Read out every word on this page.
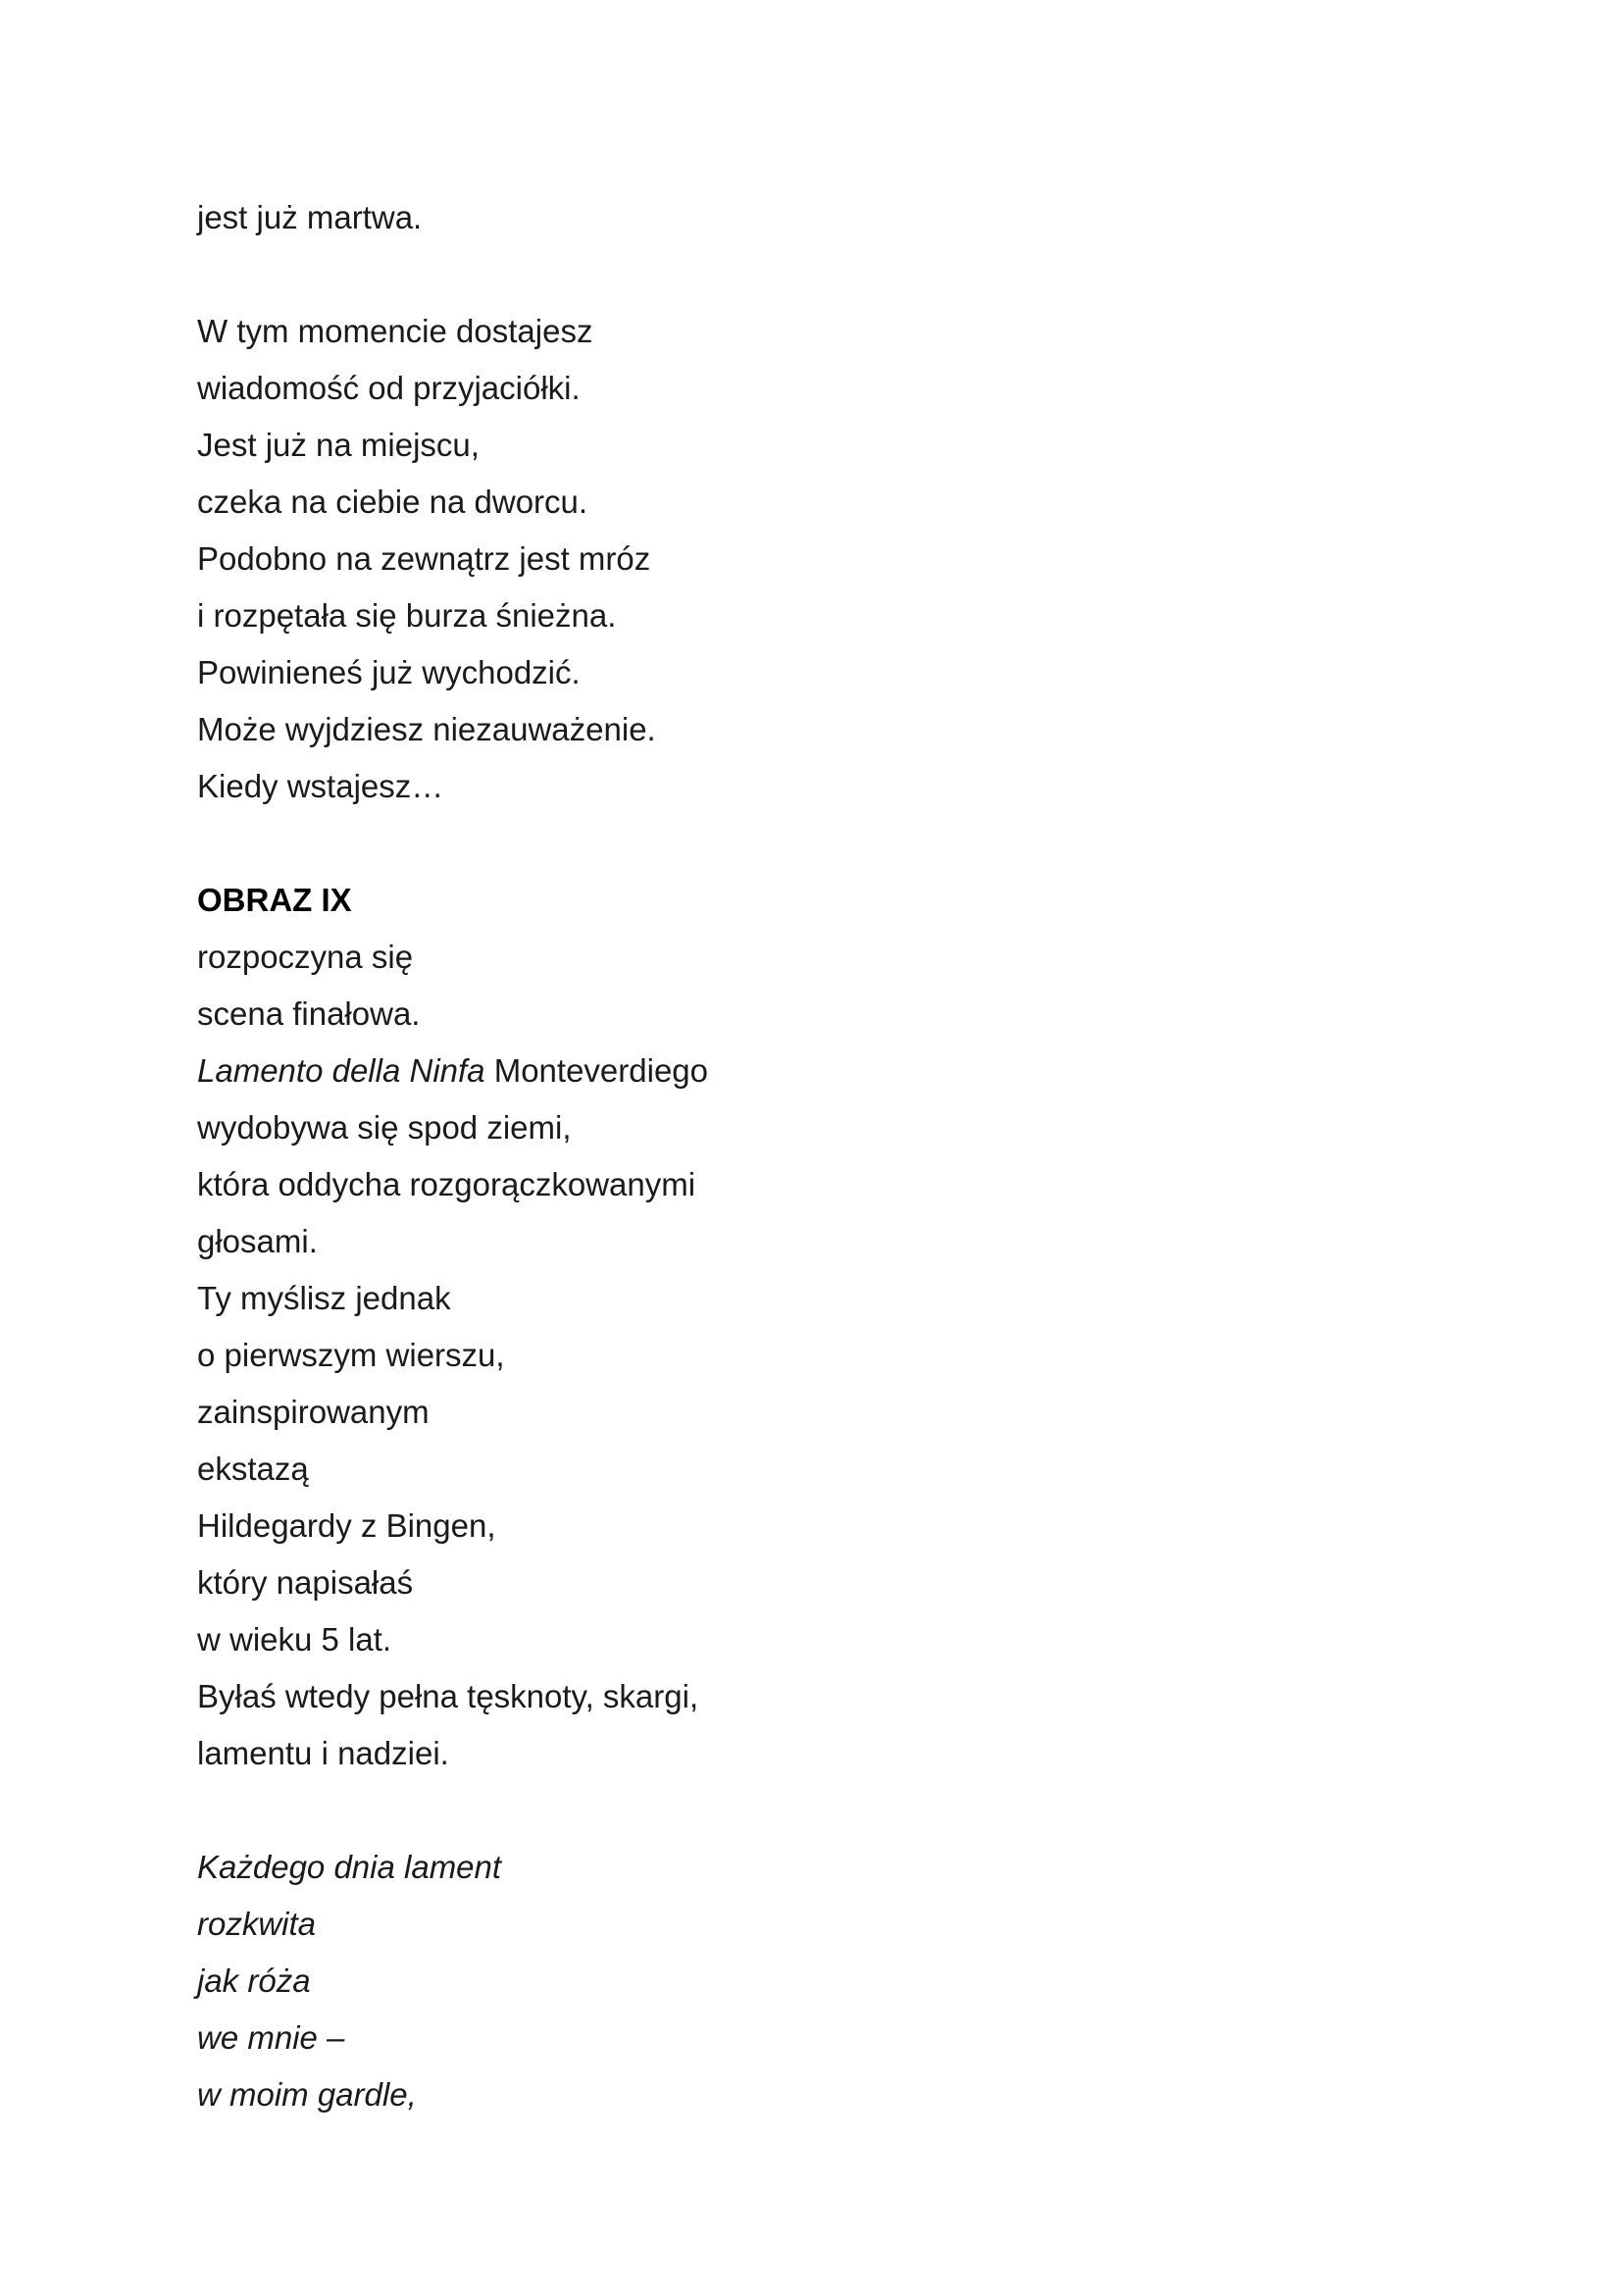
jest już martwa.
W tym momencie dostajesz
wiadomość od przyjaciółki.
Jest już na miejscu,
czeka na ciebie na dworcu.
Podobno na zewnątrz jest mróz
i rozpętała się burza śnieżna.
Powinieneś już wychodzić.
Może wyjdziesz niezauważenie.
Kiedy wstajesz…
OBRAZ IX
rozpoczyna się
scena finałowa.
Lamento della Ninfa Monteverdiego
wydobywa się spod ziemi,
która oddycha rozgorączkowanymi
głosami.
Ty myślisz jednak
o pierwszym wierszu,
zainspirowanym
ekstazą
Hildegardy z Bingen,
który napisałaś
w wieku 5 lat.
Byłaś wtedy pełna tęsknoty, skargi,
lamentu i nadziei.
Każdego dnia lament
rozkwita
jak róża
we mnie –
w moim gardle,
